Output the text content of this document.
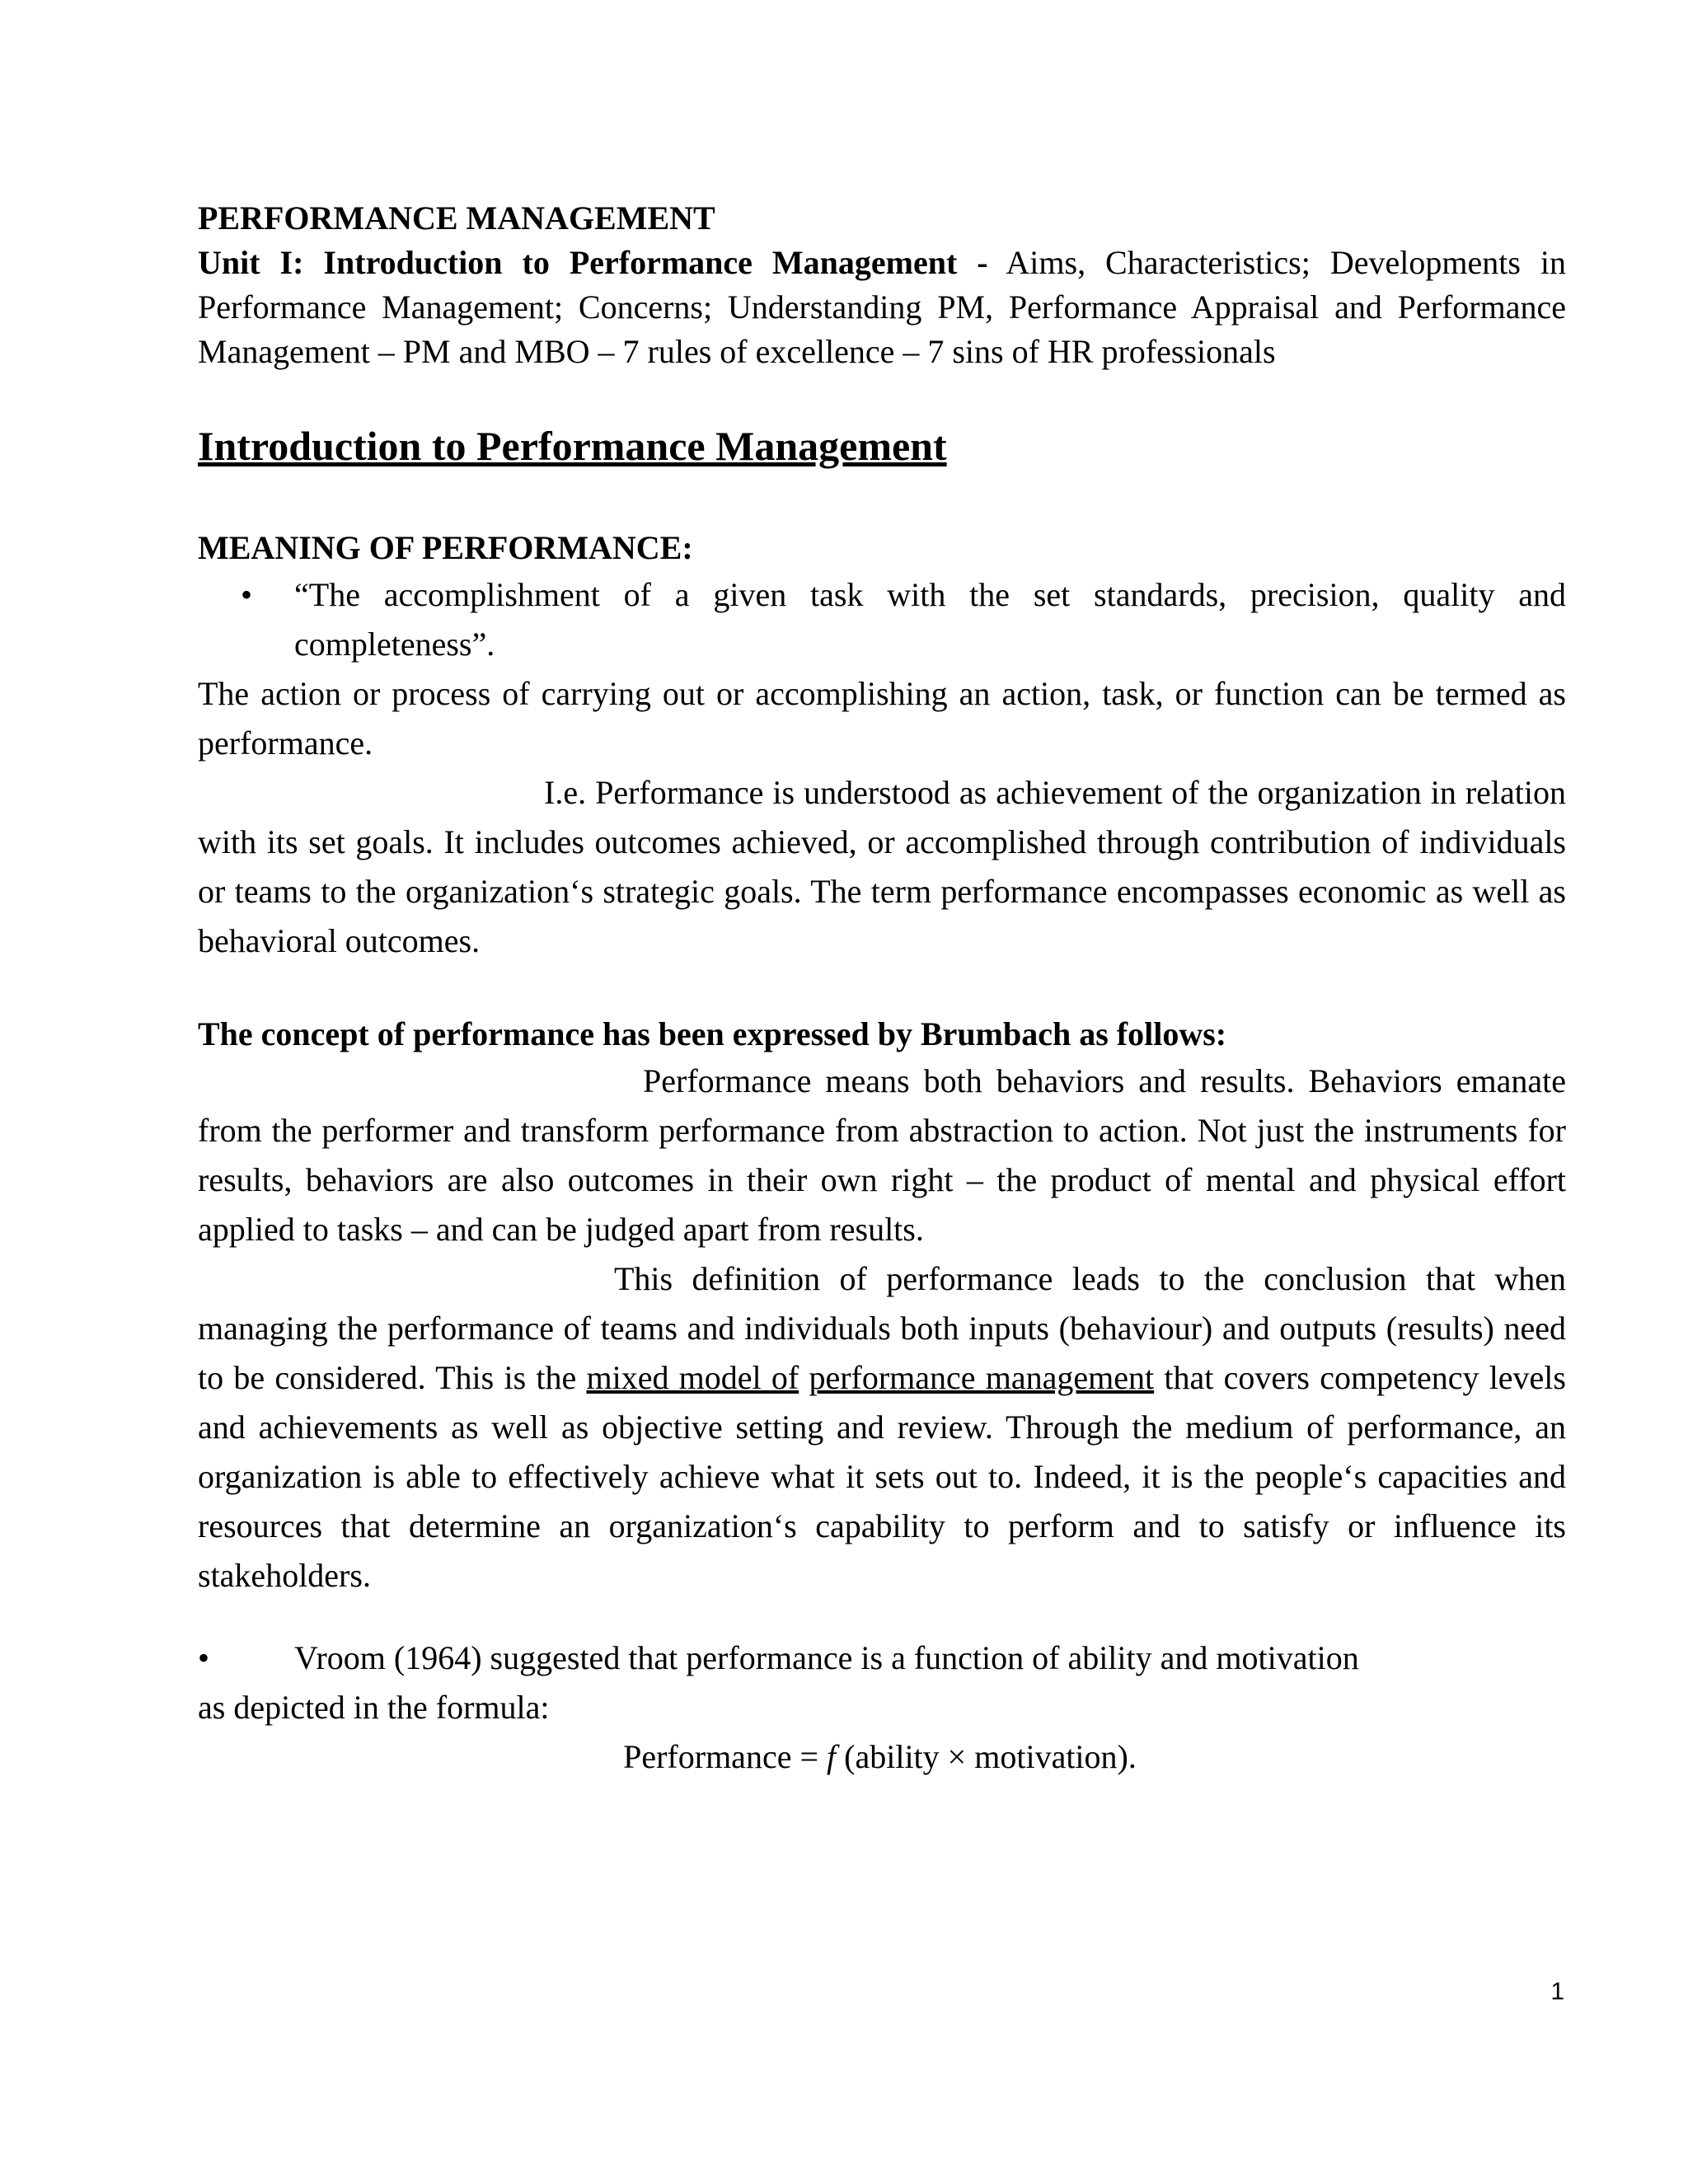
PERFORMANCE MANAGEMENT

Unit I: Introduction to Performance Management - Aims, Characteristics; Developments in Performance Management; Concerns; Understanding PM, Performance Appraisal and Performance Management – PM and MBO – 7 rules of excellence – 7 sins of HR professionals

Introduction to Performance Management

MEANING OF PERFORMANCE:

• “The accomplishment of a given task with the set standards, precision, quality and completeness”.

The action or process of carrying out or accomplishing an action, task, or function can be termed as performance.

I.e. Performance is understood as achievement of the organization in relation with its set goals. It includes outcomes achieved, or accomplished through contribution of individuals or teams to the organization‘s strategic goals. The term performance encompasses economic as well as behavioral outcomes.

The concept of performance has been expressed by Brumbach as follows:

Performance means both behaviors and results. Behaviors emanate from the performer and transform performance from abstraction to action. Not just the instruments for results, behaviors are also outcomes in their own right – the product of mental and physical effort applied to tasks – and can be judged apart from results.

This definition of performance leads to the conclusion that when managing the performance of teams and individuals both inputs (behaviour) and outputs (results) need to be considered. This is the mixed model of performance management that covers competency levels and achievements as well as objective setting and review. Through the medium of performance, an organization is able to effectively achieve what it sets out to. Indeed, it is the people‘s capacities and resources that determine an organization‘s capability to perform and to satisfy or influence its stakeholders.

•	Vroom (1964) suggested that performance is a function of ability and motivation
as depicted in the formula:
Performance = f (ability × motivation).
1
